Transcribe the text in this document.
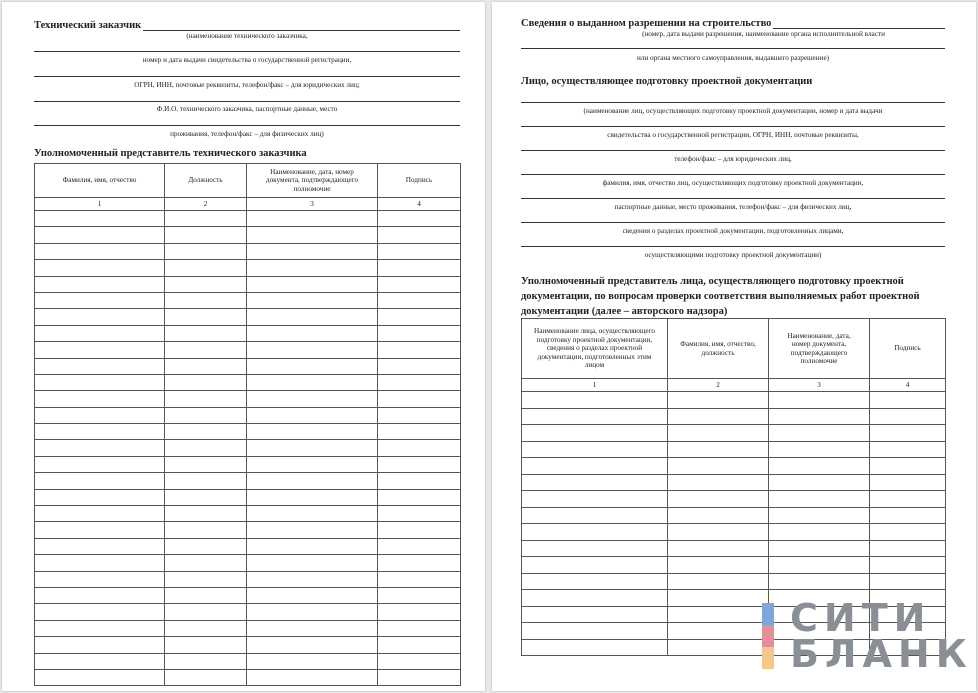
Технический заказчик
(наименование технического заказчика,
номер и дата выдачи свидетельства о государственной регистрации,
ОГРН, ИНН, почтовые реквизиты, телефон/факс – для юридических лиц;
Ф.И.О. технического заказчика, паспортные данные, место
проживания, телефон/факс – для физических лиц)
Уполномоченный представитель технического заказчика
Фамилия, имя, отчество	Должность	Наименование, дата, номер документа, подтверждающего полномочие	Подпись
1	2	3	4

Сведения о выданном разрешении на строительство
(номер, дата выдачи разрешения, наименование органа исполнительной власти
или органа местного самоуправления, выдавшего разрешение)
Лицо, осуществляющее подготовку проектной документации
(наименование лиц, осуществляющих подготовку проектной документации, номер и дата выдачи
свидетельства о государственной регистрации, ОГРН, ИНН, почтовые реквизиты,
телефон/факс – для юридических лиц,
фамилия, имя, отчество лиц, осуществляющих подготовку проектной документации,
паспортные данные, место проживания, телефон/факс – для физических лиц,
сведения о разделах проектной документации, подготовленных лицами,
осуществляющими подготовку проектной документации)
Уполномоченный представитель лица, осуществляющего подготовку проектной документации, по вопросам проверки соответствия выполняемых работ проектной документации (далее – авторского надзора)
Наименование лица, осуществляющего подготовку проектной документации, сведения о разделах проектной документации, подготовленных этим лицом	Фамилия, имя, отчество, должность	Наименование, дата, номер документа, подтверждающего полномочие	Подпись
1	2	3	4

СИТИ
БЛАНК
